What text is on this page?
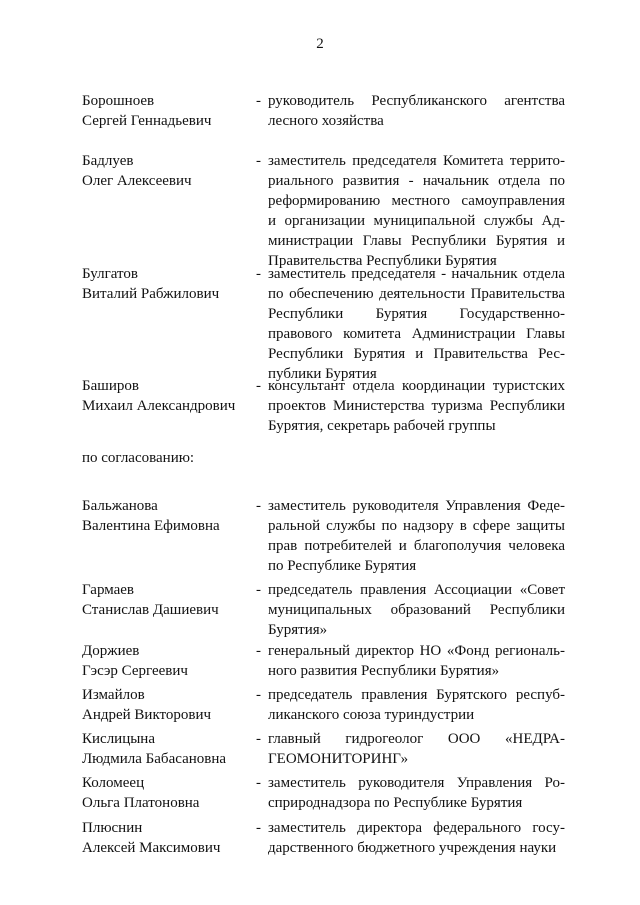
2
Борошноев
Сергей Геннадьевич
- руководитель Республиканского агентства
лесного хозяйства
Бадлуев
Олег Алексеевич
- заместитель председателя Комитета террито-
риального развития - начальник отдела по
реформированию местного самоуправления
и организации муниципальной службы Ад-
министрации Главы Республики Бурятия и
Правительства Республики Бурятия
Булгатов
Виталий Рабжилович
- заместитель председателя - начальник отдела
по обеспечению деятельности Правительства
Республики Бурятия Государственно-
правового комитета Администрации Главы
Республики Бурятия и Правительства Рес-
публики Бурятия
Баширов
Михаил Александрович
- консультант отдела координации туристских
проектов Министерства туризма Республики
Бурятия, секретарь рабочей группы
по согласованию:
Бальжанова
Валентина Ефимовна
- заместитель руководителя Управления Феде-
ральной службы по надзору в сфере защиты
прав потребителей и благополучия человека
по Республике Бурятия
Гармаев
Станислав Дашиевич
- председатель правления Ассоциации «Совет
муниципальных образований Республики
Бурятия»
Доржиев
Гэсэр Сергеевич
- генеральный директор НО «Фонд региональ-
ного развития Республики Бурятия»
Измайлов
Андрей Викторович
- председатель правления Бурятского респуб-
ликанского союза туриндустрии
Кислицына
Людмила Бабасановна
- главный гидрогеолог ООО «НЕДРА-
ГЕОМОНИТОРИНГ»
Коломеец
Ольга Платоновна
- заместитель руководителя Управления Ро-
сприроднадзора по Республике Бурятия
Плюснин
Алексей Максимович
- заместитель директора федерального госу-
дарственного бюджетного учреждения науки
